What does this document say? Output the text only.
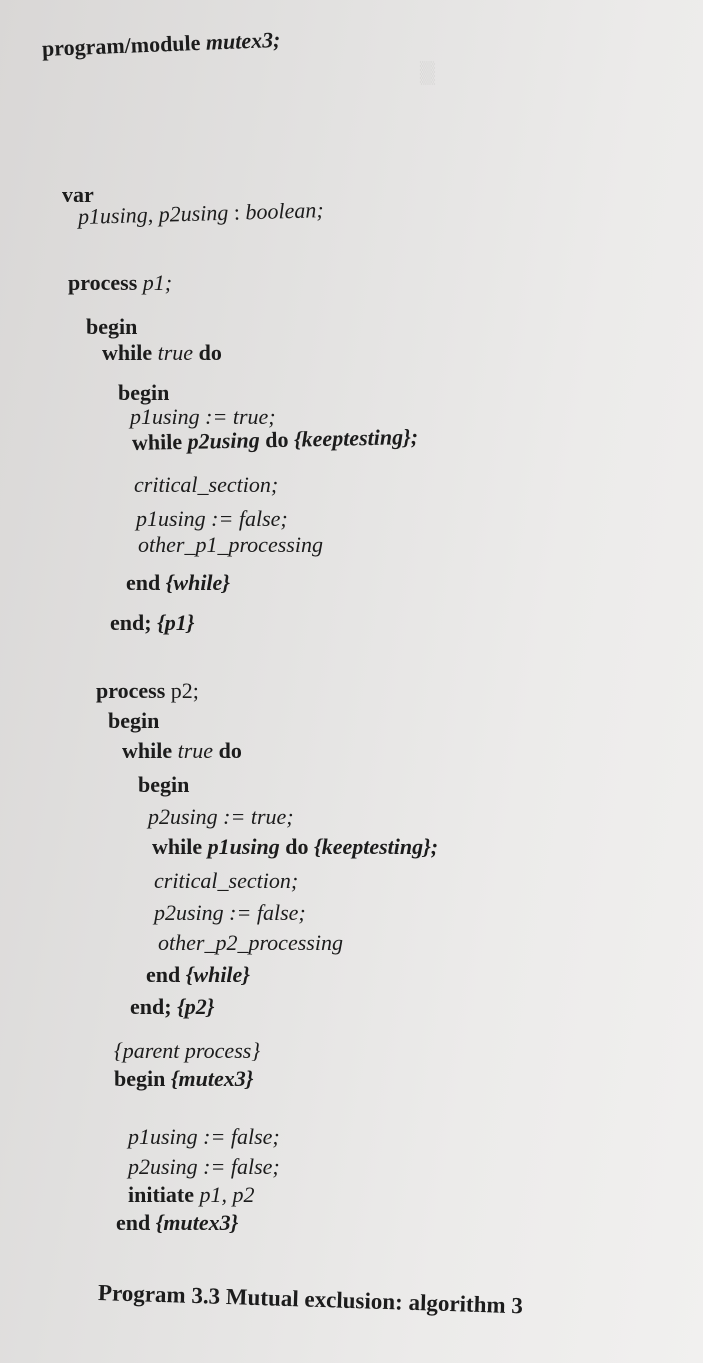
▒
program/module mutex3;
var
p1using, p2using : boolean;
process p1;
begin
while true do
begin
p1using := true;
while p2using do {keeptesting};
critical_section;
p1using := false;
other_p1_processing
end {while}
end; {p1}
process p2;
begin
while true do
begin
p2using := true;
while p1using do {keeptesting};
critical_section;
p2using := false;
other_p2_processing
end {while}
end; {p2}
{parent process}
begin {mutex3}
p1using := false;
p2using := false;
initiate p1, p2
end {mutex3}
Program 3.3 Mutual exclusion: algorithm 3
